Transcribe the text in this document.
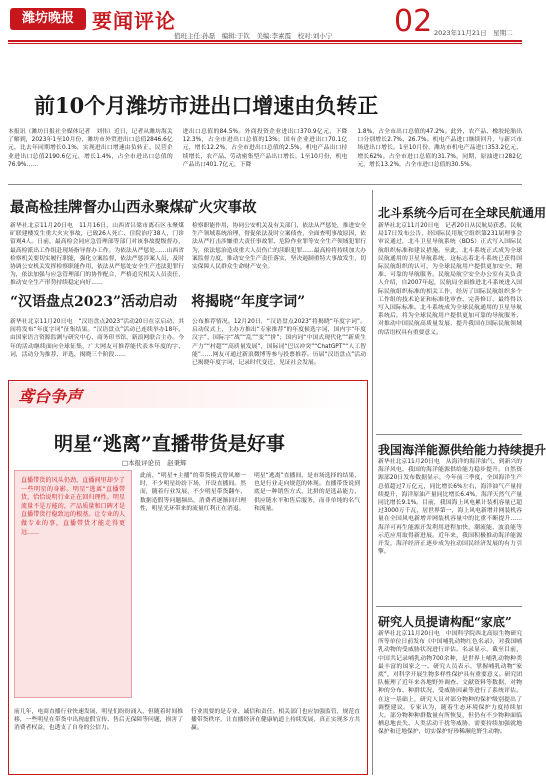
潍坊晚报 要闻评论	02 2023年11月21日　星期二
值班主任:孙磊　编辑:于钦　美编:李素霞　校对:刘小宁
前10个月潍坊市进出口增速由负转正
本报讯（潍坊日报社全媒体记者　刘伟）近日，记者从潍坊海关了解到，2023年1至10月份，潍坊市外贸进出口总值2846.6亿元，比去年同期增长0.1%，实现进出口增速由负转正。民营企业进出口总值2190.6亿元，增长1.4%，占全市进出口总值的76.9%……
进出口总值的84.5%。外商投资企业进出口370.9亿元，下降12.3%，占全市进出口总值的13%；国有企业进出口70.1亿元，增长12.2%，占全市进出口总值的2.5%。机电产品出口持续增长，农产品、劳动密集型产品出口增长。1至10月份，机电产品出口401.7亿元，下降
1.8%，占全市出口总值的47.2%。此外，农产品、橡胶轮胎出口分别增长2.7%、26.7%。机电产品进口继续回升，与新兴市场进出口增长。1至10月份，潍坊市机电产品进口353.2亿元，增长62%。占全市进口总值的31.7%，同期，原油进口282亿元，增长13.2%，占全市进口总值的30.5%。
最高检挂牌督办山西永聚煤矿火灾事故
新华社北京11月20日电　11月16日，山西省吕梁市离石区永聚煤矿联建楼发生重大火灾事故，已致26人死亡、住院治疗38人，门诊留观4人。日前，最高检会同应急管理部等部门对该事故提级督办，最高检派出工作组赴现场指导督办工作。为依法从严惩处……山西省检察机关要切实履行职能，强化立案监督，依法严惩涉案人员，及时协调公安机关发挥检察职能作用，依法从严惩处安全生产违法犯罪行为，依法加强与应急管理部门的协作配合，严格追究相关人员责任，推动安全生产形势持续稳定向好……
检察职能作用，协同公安机关及有关部门，依法从严惩处，推进安全生产领域系统治理，督促依法及时立案侦查，全面查明事故原因，依法从严打击涉嫌重大责任事故罪、危险作业罪等安全生产领域犯罪行为，依法惩治造成重大人员伤亡的渎职犯罪……最高检将持续加大办案监督力度，推动安全生产责任落实，坚决遏制重特大事故发生，切实保障人民群众生命财产安全。
“汉语盘点2023”活动启动　将揭晓“年度字词”
新华社北京11月20日电　“汉语盘点2023”活动20日在京启动，其间将发布“年度字词”征集结果。“汉语盘点”活动已连续举办18年，由国家语言资源监测与研究中心、商务印书馆、新浪网联合主办。今年的活动继续面向全球征集，广大网友可推荐能代表本年度的字、词，活动分为推荐、评选、揭晓三个阶段……
公布推荐情况。12月20日，“汉语盘点2023”将揭晓“年度字词”。启动仪式上，主办方推出“专家推荐”的年度候选字词，国内字“年度汉字”，国际字“战”“乱”“变”“拼”；国内词“中国式现代化”“新质生产力”“村超”“高质量发展”，国际词“巴以冲突”“ChatGPT”“人工智能”……网友可通过新浪微博等参与投票推荐。历届“汉语盘点”活动已揭晓年度字词，记录时代变迁、见证社会发展。
北斗系统今后可在全球民航通用
新华社北京11月20日电　记者20日从民航局获悉，民航局17日发布公告，经国际民用航空组织第231届理事会审议通过，北斗卫星导航系统（BDS）正式写入国际民航组织标准和建议措施。至此，北斗系统正式成为全球民航通用的卫星导航系统，这标志着北斗系统已获得国际民航组织的认可，为全球民航用户提供更加安全、精准、可靠的导航服务。民航局航空安全办公室有关负责人介绍，自2007年起，民航局全面推进北斗系统进入国际民航组织标准的相关工作，经历了国际民航组织多个工作组的技术论证和标准化审查、完善修订，最终得以写入国际标准。北斗系统成为全球民航通用的卫星导航系统后，将为全球民航用户提供更加可靠的导航服务，对推动中国民航高质量发展、提升我国在国际民航领域的话语权具有重要意义。
我国海洋能源供给能力持续提升
新华社北京11月20日电　从海洋的海洋油气、到新兴的海洋风电，我国的海洋能源供给能力稳步提升。自然资源部20日发布数据显示，今年前三季度，全国海洋生产总值超过7万亿元，同比增长6%左右，海洋油气产量持续提升，海洋原油产量同比增长6.4%，海洋天然气产量同比增长9.1%。目前，我国海上风电累计装机容量已超过3000万千瓦，居世界第一，海上风电新增并网装机容量在全国风电新增并网装机容量中的比重不断提升……海洋可再生能源开发利用进程加快，潮流能、波浪能等示范应用取得新进展。近年来，我国积极推动海洋能源开发，海洋经济正逐步成为拉动国民经济发展的有力引擎。
研究人员提请构配“家底”
新华社北京11月20日电　中国科学院西北高原生物研究所等单位日前发布《中国哺乳动物红色名录》，对我国哺乳动物的受威胁状况进行评估。名录显示，截至目前，中国共记录哺乳动物700余种，是世界上哺乳动物种类最丰富的国家之一。研究人员表示，掌握哺乳动物“家底”，对科学开展生物多样性保护具有重要意义。研究团队梳理了近年来各地野外调查、文献资料等数据，对物种的分布、种群状况、受威胁因素等进行了系统评估。在这一基础上，研究人员对部分物种的保护级别提出了调整建议。专家认为，随着生态环境保护力度持续加大，部分物种种群数量有所恢复，但仍有不少物种面临栖息地丧失、人类活动干扰等威胁，需要持续加强就地保护和迁地保护，切实保护好珍稀濒危野生动物。
鸢台争声
明星“逃离”直播带货是好事
□本报评论员　赵秉辉
直播带货的风头仍劲，直播间里却少了一些明星的身影。明星“逃离”直播带货，恰恰说明行业正在回归理性。明星流量不是万能的，产品质量和口碑才是直播带货行稳致远的根基。让专业的人做专业的事，直播带货才能走得更远……
此前，“明星+主播”的带货模式曾风靡一时，不少明星纷纷下场，开设直播间。然而，随着行业发展，不少明星带货翻车、数据造假等问题频出，消费者逐渐回归理性，明星光环带来的流量红利正在消退。
明星“逃离”直播间，是市场选择的结果，也是行业走向规范的体现。直播带货说到底是一种销售方式，比拼的是选品能力、供应链水平和售后服务，而非单纯的名气和流量。
前几年，电商直播行业快速发展，明星们纷纷涌入，但随着时间推移，一些明星在带货中出现虚假宣传、售后无保障等问题，损害了消费者权益，也透支了自身的公信力。
行业需要的是专业、诚信和责任。相关部门也应加强监管，规范直播带货秩序，让直播经济在健康轨道上持续发展，真正实现多方共赢。
